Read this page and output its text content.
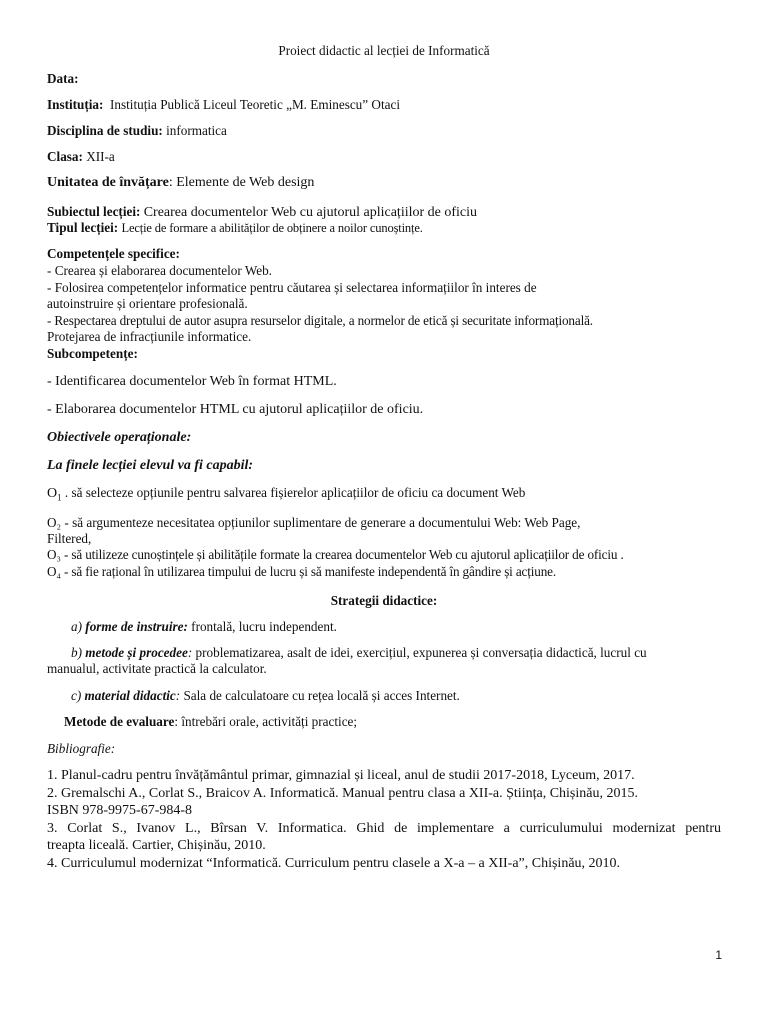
Proiect didactic al lecției de Informatică
Data:
Instituția: Instituția Publică Liceul Teoretic „M. Eminescu” Otaci
Disciplina de studiu: informatica
Clasa: XII-a
Unitatea de învățare: Elemente de Web design
Subiectul lecției: Crearea documentelor Web cu ajutorul aplicațiilor de oficiu
Tipul lecției: Lecție de formare a abilităților de obținere a noilor cunoștințe.
Competențele specifice:
- Crearea și elaborarea documentelor Web.
- Folosirea competențelor informatice pentru căutarea și selectarea informațiilor în interes de
autoinstruire și orientare profesională.
- Respectarea dreptului de autor asupra resurselor digitale, a normelor de etică și securitate informațională.
Protejarea de infracțiunile informatice.
Subcompetențe:
- Identificarea documentelor Web în format HTML.
- Elaborarea documentelor HTML cu ajutorul aplicațiilor de oficiu.
Obiectivele operaționale:
La finele lecției elevul va fi capabil:
$O_1$ . să selecteze opțiunile pentru salvarea fișierelor aplicațiilor de oficiu ca document Web
O₂ - să argumenteze necesitatea opțiunilor suplimentare de generare a documentului Web: Web Page,
Filtered,
O₃ - să utilizeze cunoștințele și abilitățile formate la crearea documentelor Web cu ajutorul aplicațiilor de oficiu .
O₄ - să fie rațional în utilizarea timpului de lucru și să manifeste independentă în gândire și acțiune.
Strategii didactice:
a) forme de instruire: frontală, lucru independent.
b) metode și procedee: problematizarea, asalt de idei, exercițiul, expunerea și conversația didactică, lucrul cu
manualul, activitate practică la calculator.
c) material didactic: Sala de calculatoare cu rețea locală și acces Internet.
Metode de evaluare: întrebări orale, activități practice;
Bibliografie:
1. Planul-cadru pentru învățământul primar, gimnazial și liceal, anul de studii 2017-2018, Lyceum, 2017.
2. Gremalschi A., Corlat S., Braicov A. Informatică. Manual pentru clasa a XII-a. Știința, Chișinău, 2015.
ISBN 978-9975-67-984-8
3. Corlat S., Ivanov L., Bîrsan V. Informatica. Ghid de implementare a curriculumului modernizat pentru
treapta liceală. Cartier, Chișinău, 2010.
4. Curriculumul modernizat “Informatică. Curriculum pentru clasele a X-a – a XII-a”, Chișinău, 2010.
1
